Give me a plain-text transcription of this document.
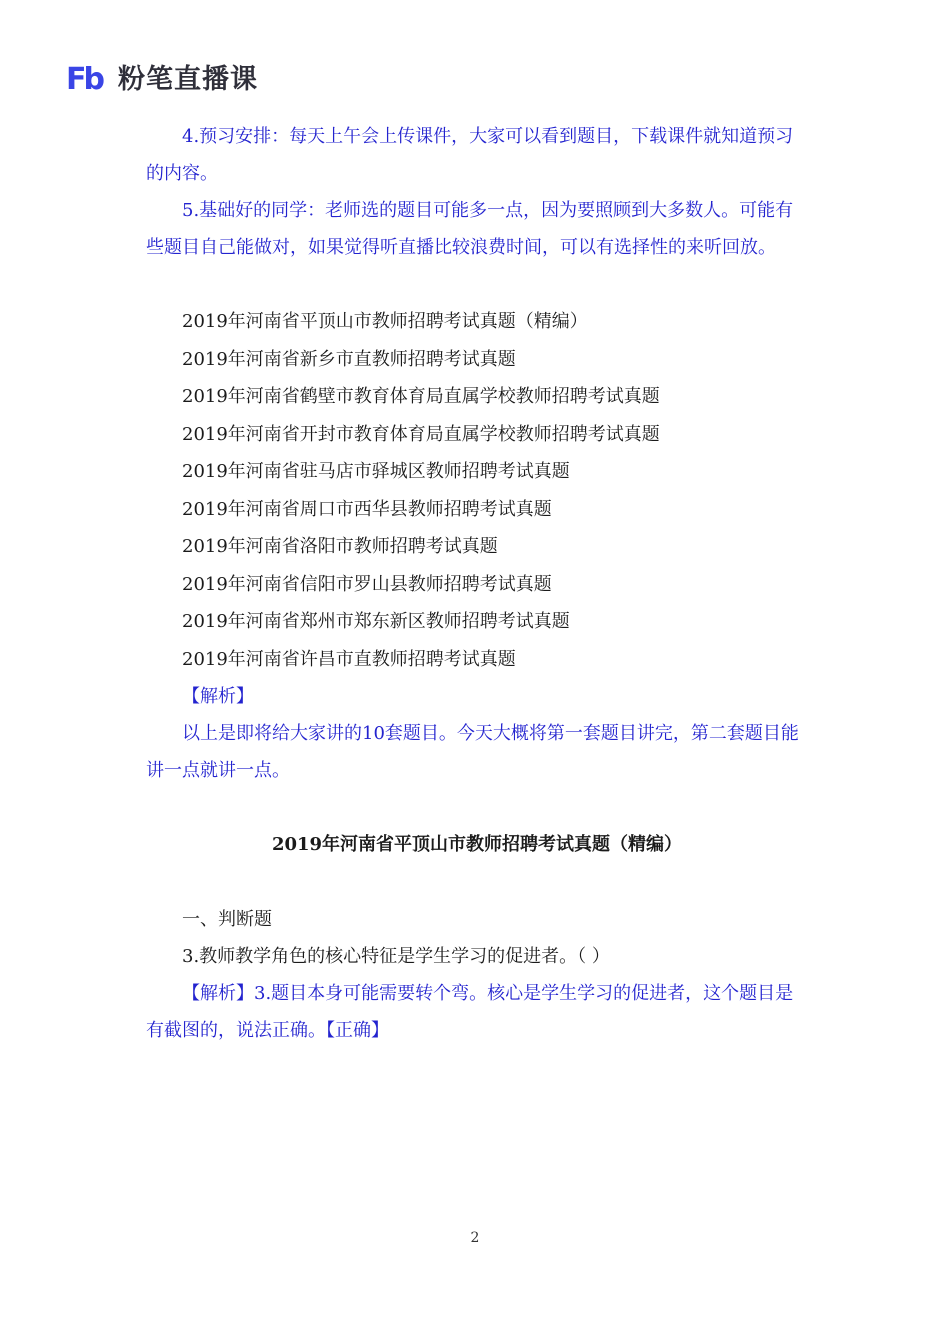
Fb 粉笔直播课

4.预习安排：每天上午会上传课件，大家可以看到题目，下载课件就知道预习的内容。

5.基础好的同学：老师选的题目可能多一点，因为要照顾到大多数人。可能有些题目自己能做对，如果觉得听直播比较浪费时间，可以有选择性的来听回放。

2019年河南省平顶山市教师招聘考试真题（精编）

2019年河南省新乡市直教师招聘考试真题

2019年河南省鹤壁市教育体育局直属学校教师招聘考试真题

2019年河南省开封市教育体育局直属学校教师招聘考试真题

2019年河南省驻马店市驿城区教师招聘考试真题

2019年河南省周口市西华县教师招聘考试真题

2019年河南省洛阳市教师招聘考试真题

2019年河南省信阳市罗山县教师招聘考试真题

2019年河南省郑州市郑东新区教师招聘考试真题

2019年河南省许昌市直教师招聘考试真题

【解析】

以上是即将给大家讲的10套题目。今天大概将第一套题目讲完，第二套题目能讲一点就讲一点。

2019年河南省平顶山市教师招聘考试真题（精编）

一、判断题

3.教师教学角色的核心特征是学生学习的促进者。（ ）

【解析】3.题目本身可能需要转个弯。核心是学生学习的促进者，这个题目是有截图的，说法正确。【正确】

2
